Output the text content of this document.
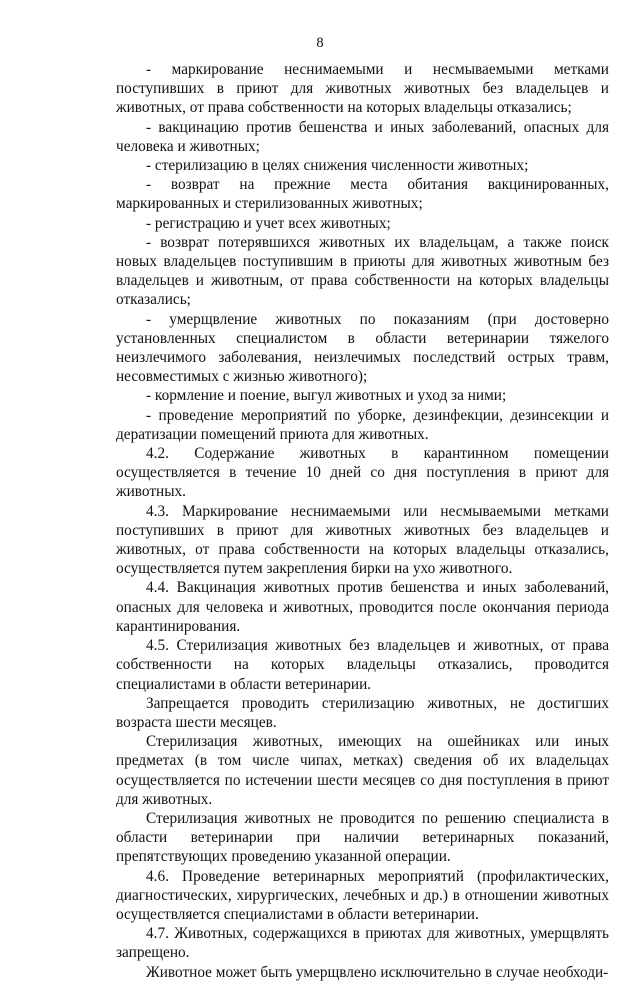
8

- маркирование неснимаемыми и несмываемыми метками поступивших в приют для животных животных без владельцев и животных, от права собственности на которых владельцы отказались;

- вакцинацию против бешенства и иных заболеваний, опасных для человека и животных;

- стерилизацию в целях снижения численности животных;

- возврат на прежние места обитания вакцинированных, маркированных и стерилизованных животных;

- регистрацию и учет всех животных;

- возврат потерявшихся животных их владельцам, а также поиск новых владельцев поступившим в приюты для животных животным без владельцев и животным, от права собственности на которых владельцы отказались;

- умерщвление животных по показаниям (при достоверно установленных специалистом в области ветеринарии тяжелого неизлечимого заболевания, неизлечимых последствий острых травм, несовместимых с жизнью животного);

- кормление и поение, выгул животных и уход за ними;

- проведение мероприятий по уборке, дезинфекции, дезинсекции и дератизации помещений приюта для животных.

4.2. Содержание животных в карантинном помещении осуществляется в течение 10 дней со дня поступления в приют для животных.

4.3. Маркирование неснимаемыми или несмываемыми метками поступивших в приют для животных животных без владельцев и животных, от права собственности на которых владельцы отказались, осуществляется путем закрепления бирки на ухо животного.

4.4. Вакцинация животных против бешенства и иных заболеваний, опасных для человека и животных, проводится после окончания периода карантинирования.

4.5. Стерилизация животных без владельцев и животных, от права собственности на которых владельцы отказались, проводится специалистами в области ветеринарии.

Запрещается проводить стерилизацию животных, не достигших возраста шести месяцев.

Стерилизация животных, имеющих на ошейниках или иных предметах (в том числе чипах, метках) сведения об их владельцах осуществляется по истечении шести месяцев со дня поступления в приют для животных.

Стерилизация животных не проводится по решению специалиста в области ветеринарии при наличии ветеринарных показаний, препятствующих проведению указанной операции.

4.6. Проведение ветеринарных мероприятий (профилактических, диагностических, хирургических, лечебных и др.) в отношении животных осуществляется специалистами в области ветеринарии.

4.7. Животных, содержащихся в приютах для животных, умерщвлять запрещено.

Животное может быть умерщвлено исключительно в случае необходи-
